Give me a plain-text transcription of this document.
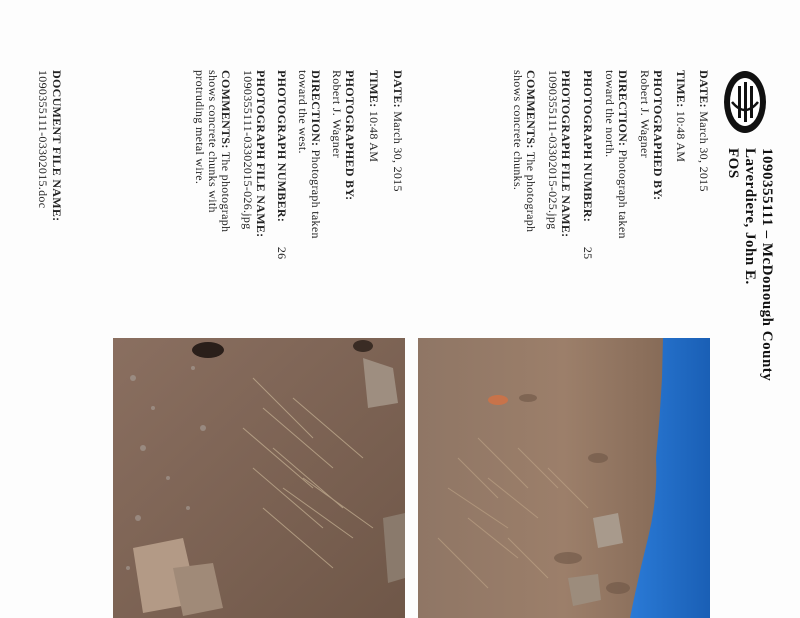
1090355111 – McDonough County
Laverdiere, John E.
FOS
DATE: March 30, 2015
TIME: 10:48 AM
PHOTOGRAPHED BY:
Robert J. Wagner
DIRECTION: Photograph taken
toward the north.
PHOTOGRAPH NUMBER:  25
PHOTOGRAPH FILE NAME:
1090355111-03302015-025.jpg
COMMENTS: The photograph
shows concrete chunks.
DATE: March 30, 2015
TIME: 10:48 AM
PHOTOGRAPHED BY:
Robert J. Wagner
DIRECTION: Photograph taken
toward the west.
PHOTOGRAPH NUMBER:  26
PHOTOGRAPH FILE NAME:
1090355111-03302015-026.jpg
COMMENTS: The photograph
shows concrete chunks with
protruding metal wire.
DOCUMENT FILE NAME:
1090355111-03302015.doc
